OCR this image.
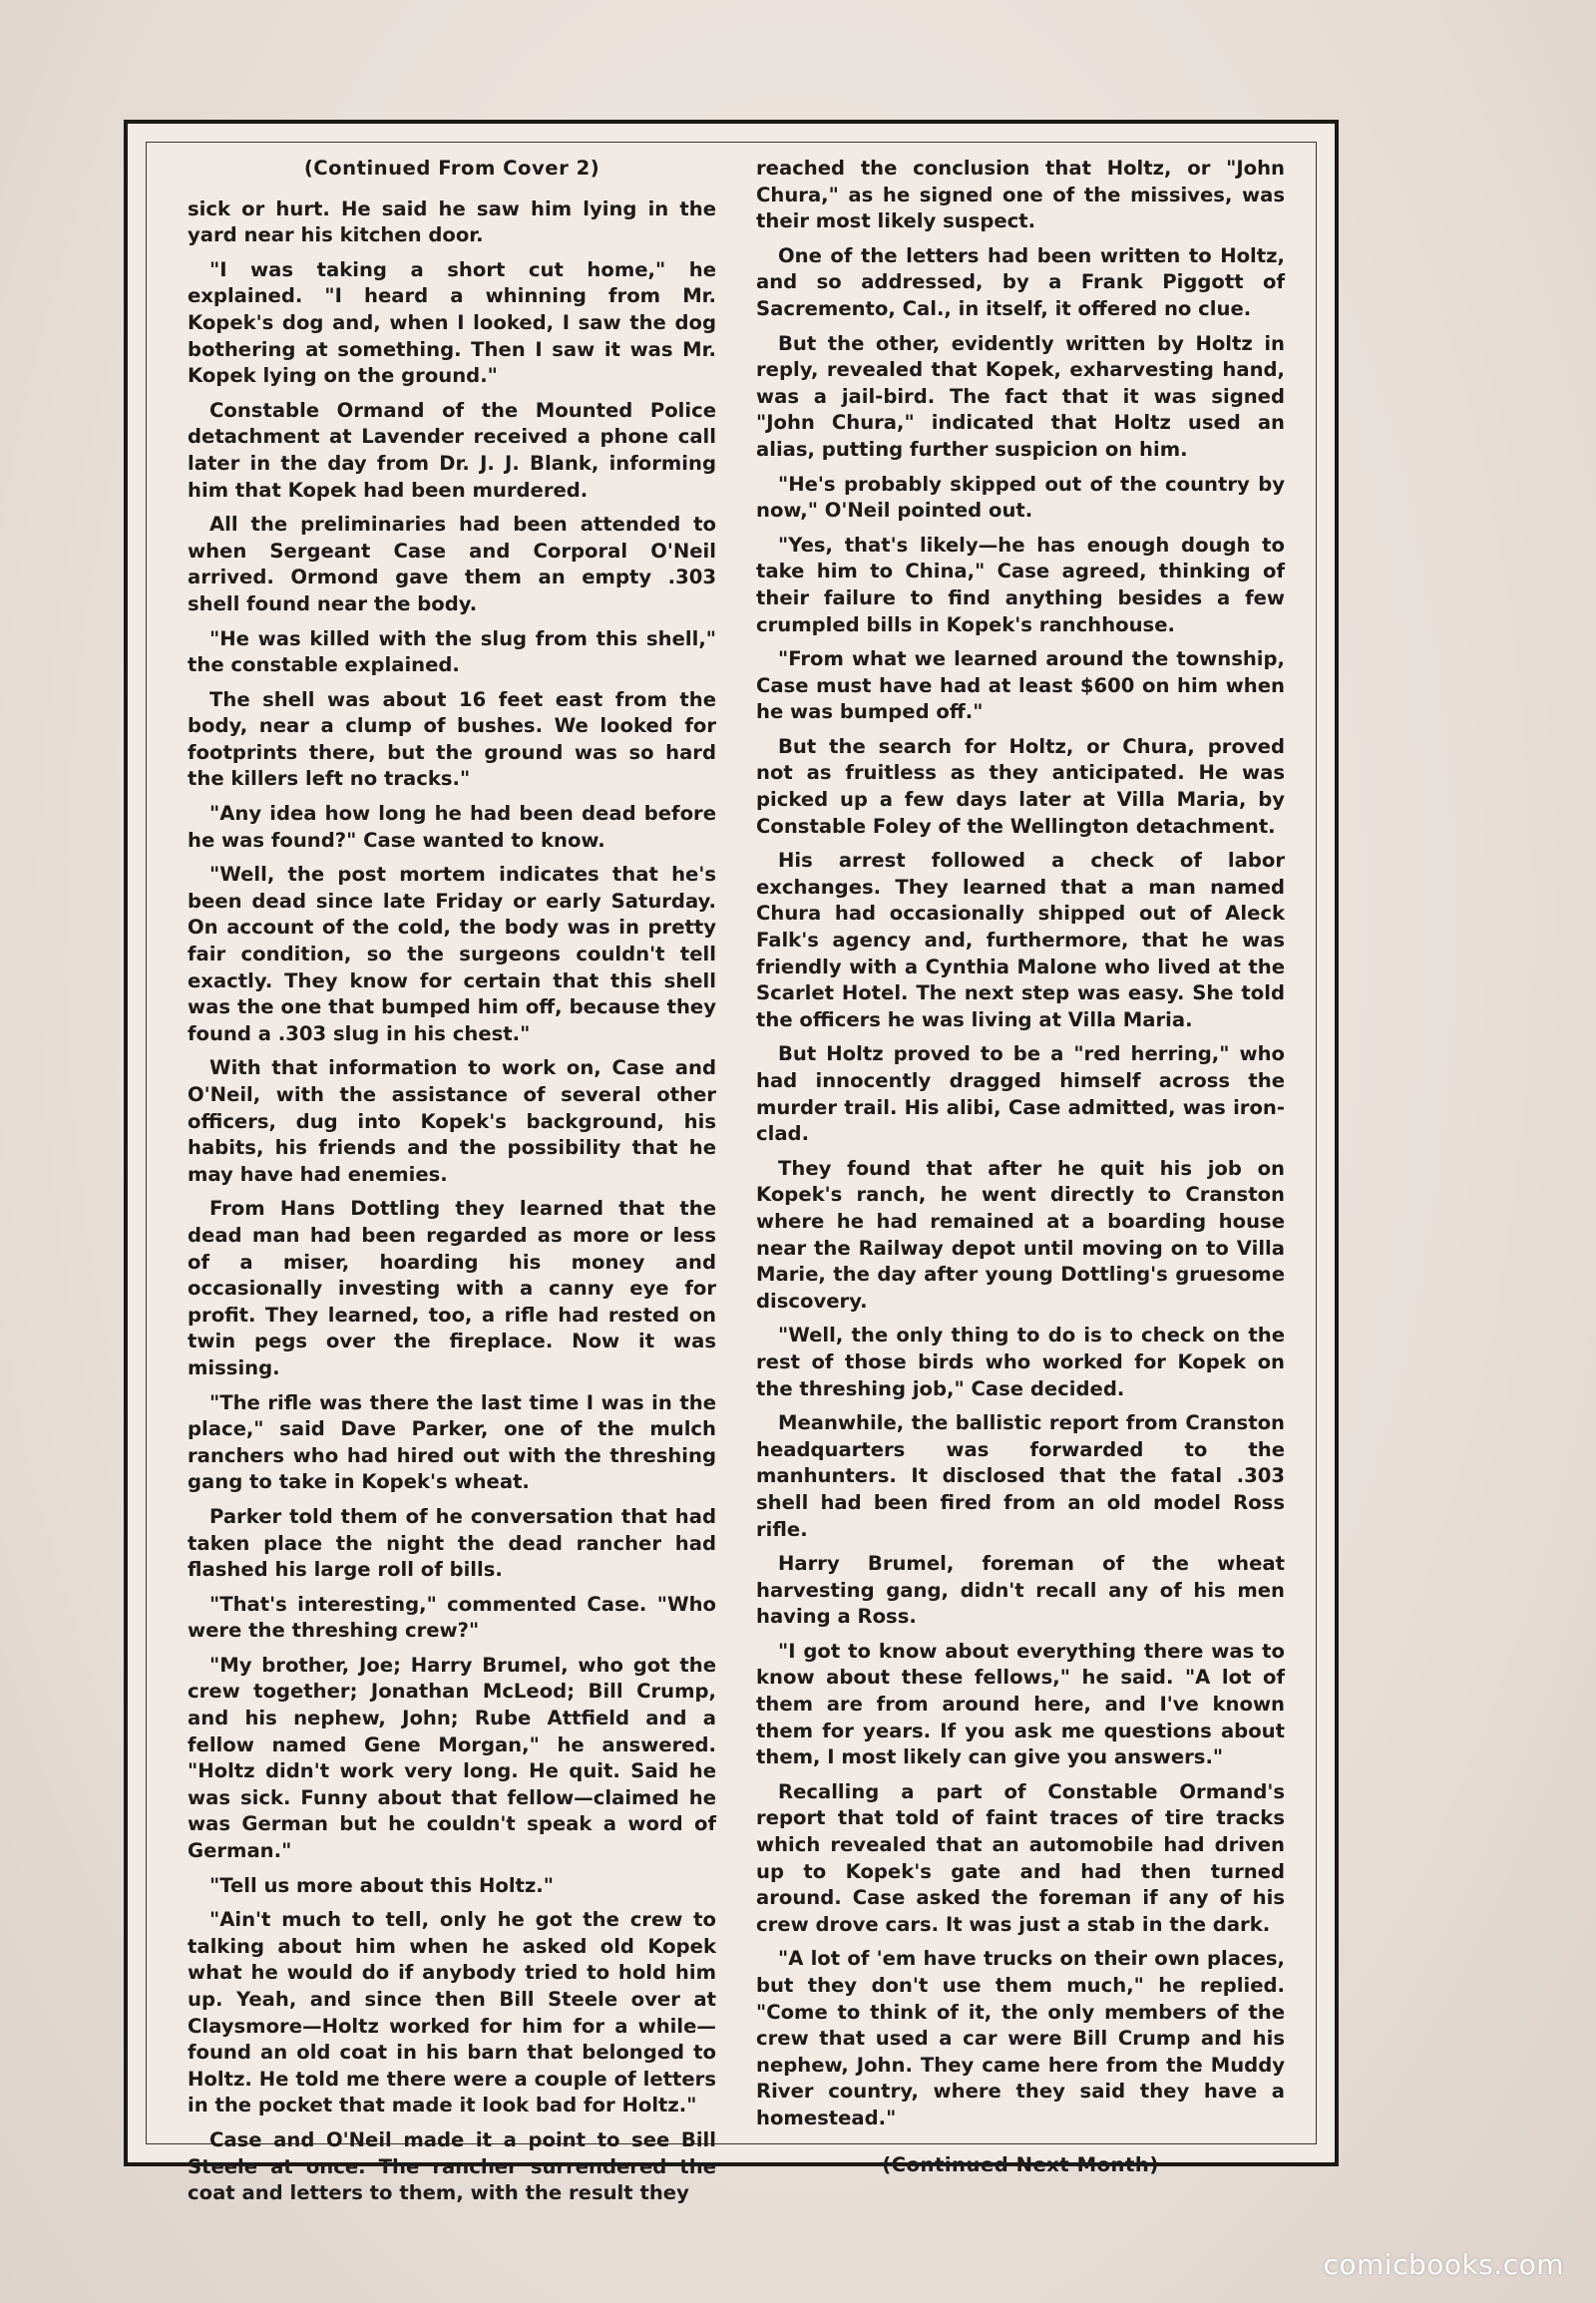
(Continued From Cover 2)

sick or hurt. He said he saw him lying in the yard near his kitchen door.

"I was taking a short cut home," he explained. "I heard a whinning from Mr. Kopek's dog and, when I looked, I saw the dog bothering at something. Then I saw it was Mr. Kopek lying on the ground."

Constable Ormand of the Mounted Police detachment at Lavender received a phone call later in the day from Dr. J. J. Blank, informing him that Kopek had been murdered.

All the preliminaries had been attended to when Sergeant Case and Corporal O'Neil arrived. Ormond gave them an empty .303 shell found near the body.

"He was killed with the slug from this shell," the constable explained.

The shell was about 16 feet east from the body, near a clump of bushes. We looked for footprints there, but the ground was so hard the killers left no tracks."

"Any idea how long he had been dead before he was found?" Case wanted to know.

"Well, the post mortem indicates that he's been dead since late Friday or early Saturday. On account of the cold, the body was in pretty fair condition, so the surgeons couldn't tell exactly. They know for certain that this shell was the one that bumped him off, because they found a .303 slug in his chest."

With that information to work on, Case and O'Neil, with the assistance of several other officers, dug into Kopek's background, his habits, his friends and the possibility that he may have had enemies.

From Hans Dottling they learned that the dead man had been regarded as more or less of a miser, hoarding his money and occasionally investing with a canny eye for profit. They learned, too, a rifle had rested on twin pegs over the fireplace. Now it was missing.

"The rifle was there the last time I was in the place," said Dave Parker, one of the mulch ranchers who had hired out with the threshing gang to take in Kopek's wheat.

Parker told them of he conversation that had taken place the night the dead rancher had flashed his large roll of bills.

"That's interesting," commented Case. "Who were the threshing crew?"

"My brother, Joe; Harry Brumel, who got the crew together; Jonathan McLeod; Bill Crump, and his nephew, John; Rube Attfield and a fellow named Gene Morgan," he answered. "Holtz didn't work very long. He quit. Said he was sick. Funny about that fellow—claimed he was German but he couldn't speak a word of German."

"Tell us more about this Holtz."

"Ain't much to tell, only he got the crew to talking about him when he asked old Kopek what he would do if anybody tried to hold him up. Yeah, and since then Bill Steele over at Claysmore—Holtz worked for him for a while—found an old coat in his barn that belonged to Holtz. He told me there were a couple of letters in the pocket that made it look bad for Holtz."

Case and O'Neil made it a point to see Bill Steele at once. The rancher surrendered the coat and letters to them, with the result they

reached the conclusion that Holtz, or "John Chura," as he signed one of the missives, was their most likely suspect.

One of the letters had been written to Holtz, and so addressed, by a Frank Piggott of Sacremento, Cal., in itself, it offered no clue.

But the other, evidently written by Holtz in reply, revealed that Kopek, exharvesting hand, was a jail-bird. The fact that it was signed "John Chura," indicated that Holtz used an alias, putting further suspicion on him.

"He's probably skipped out of the country by now," O'Neil pointed out.

"Yes, that's likely—he has enough dough to take him to China," Case agreed, thinking of their failure to find anything besides a few crumpled bills in Kopek's ranchhouse.

"From what we learned around the township, Case must have had at least $600 on him when he was bumped off."

But the search for Holtz, or Chura, proved not as fruitless as they anticipated. He was picked up a few days later at Villa Maria, by Constable Foley of the Wellington detachment.

His arrest followed a check of labor exchanges. They learned that a man named Chura had occasionally shipped out of Aleck Falk's agency and, furthermore, that he was friendly with a Cynthia Malone who lived at the Scarlet Hotel. The next step was easy. She told the officers he was living at Villa Maria.

But Holtz proved to be a "red herring," who had innocently dragged himself across the murder trail. His alibi, Case admitted, was iron-clad.

They found that after he quit his job on Kopek's ranch, he went directly to Cranston where he had remained at a boarding house near the Railway depot until moving on to Villa Marie, the day after young Dottling's gruesome discovery.

"Well, the only thing to do is to check on the rest of those birds who worked for Kopek on the threshing job," Case decided.

Meanwhile, the ballistic report from Cranston headquarters was forwarded to the manhunters. It disclosed that the fatal .303 shell had been fired from an old model Ross rifle.

Harry Brumel, foreman of the wheat harvesting gang, didn't recall any of his men having a Ross.

"I got to know about everything there was to know about these fellows," he said. "A lot of them are from around here, and I've known them for years. If you ask me questions about them, I most likely can give you answers."

Recalling a part of Constable Ormand's report that told of faint traces of tire tracks which revealed that an automobile had driven up to Kopek's gate and had then turned around. Case asked the foreman if any of his crew drove cars. It was just a stab in the dark.

"A lot of 'em have trucks on their own places, but they don't use them much," he replied. "Come to think of it, the only members of the crew that used a car were Bill Crump and his nephew, John. They came here from the Muddy River country, where they said they have a homestead."

(Continued Next Month)

comicbooks.com
